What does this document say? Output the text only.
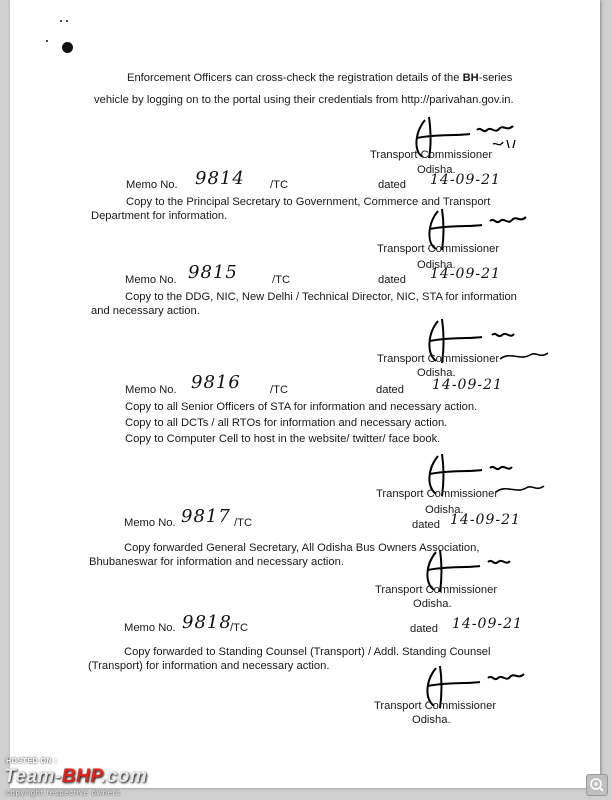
Enforcement Officers can cross-check the registration details of the BH-series
vehicle by logging on to the portal using their credentials from http://parivahan.gov.in.
Transport Commissioner
Odisha.
Memo No. 9814 /TC	dated 14-09-21
Copy to the Principal Secretary to Government, Commerce and Transport
Department for information.
Transport Commissioner
Odisha.
Memo No. 9815	/TC	dated 14-09-21
Copy to the DDG, NIC, New Delhi / Technical Director, NIC, STA for information
and necessary action.
Transport Commissioner
Odisha.
Memo No. 9816	/TC	dated 14-09-21
Copy to all Senior Officers of STA for information and necessary action.
Copy to all DCTs / all RTOs for information and necessary action.
Copy to Computer Cell to host in the website/ twitter/ face book.
Transport Commissioner
Odisha.
Memo No. 9817 /TC	dated 14-09-21
Copy forwarded General Secretary, All Odisha Bus Owners Association,
Bhubaneswar for information and necessary action.
Transport Commissioner
Odisha.
Memo No. 9818
/TC	dated 14-09-21
Copy forwarded to Standing Counsel (Transport) / Addl. Standing Counsel
(Transport) for information and necessary action.
Transport Commissioner
Odisha.
HOSTED ON :
Team-BHP.com
copyright respective owners
